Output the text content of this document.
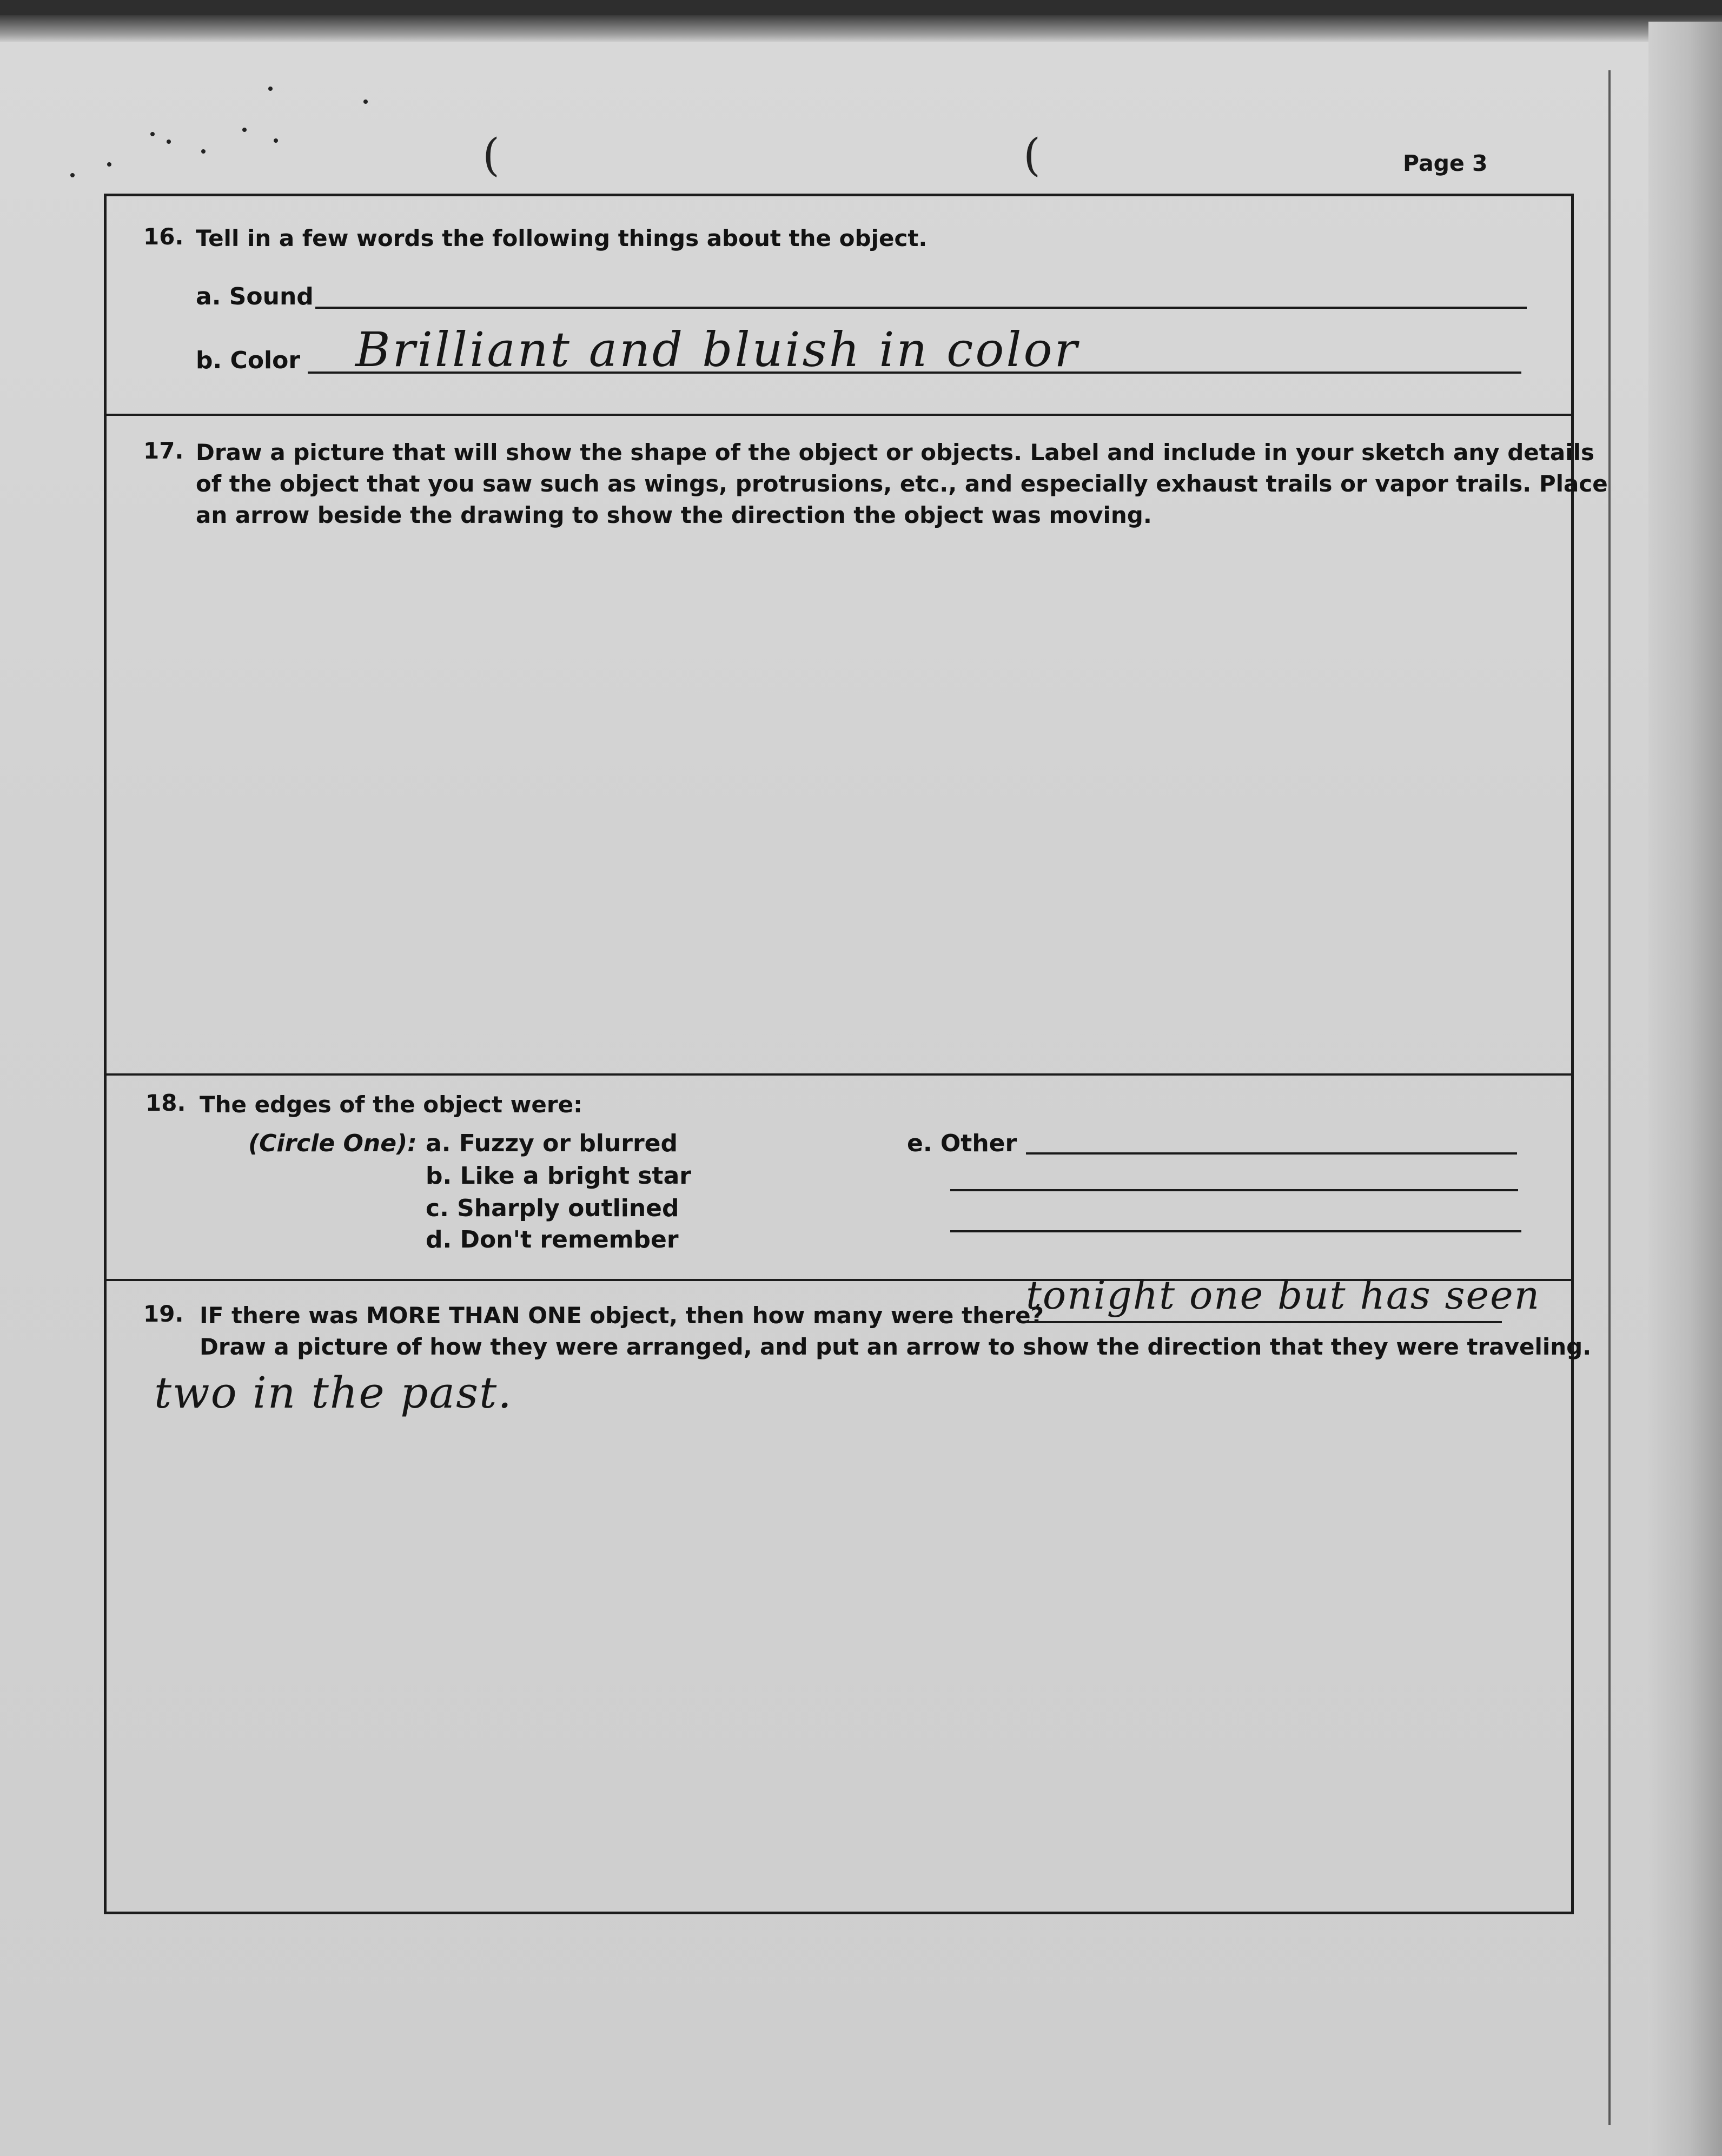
(	(	Page 3
16. Tell in a few words the following things about the object.
a. Sound
b. Color Brilliant and bluish in color
17. Draw a picture that will show the shape of the object or objects. Label and include in your sketch any details
of the object that you saw such as wings, protrusions, etc., and especially exhaust trails or vapor trails. Place
an arrow beside the drawing to show the direction the object was moving.
18. The edges of the object were:
(Circle One): a. Fuzzy or blurred
b. Like a bright star
c. Sharply outlined
d. Don't remember
e. Other
19. IF there was MORE THAN ONE object, then how many were there?
tonight one but has seen
Draw a picture of how they were arranged, and put an arrow to show the direction that they were traveling.
two in the past.
